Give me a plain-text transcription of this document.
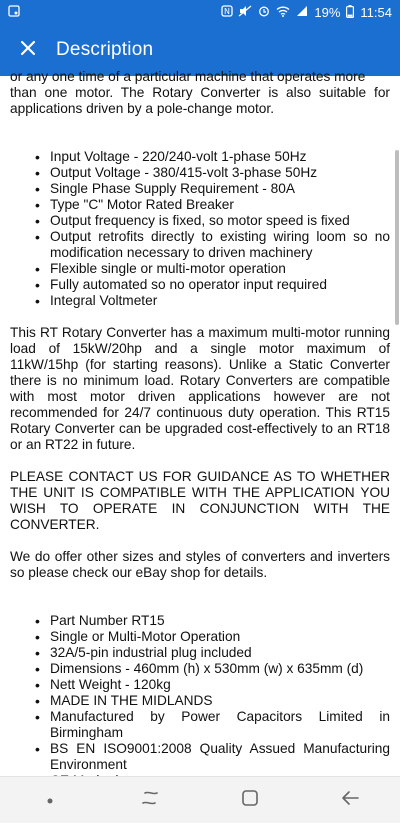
N	19% 11:54
Description
or any one time of a particular machine that operates more
than one motor. The Rotary Converter is also suitable for applications driven by a pole-change motor.
• Input Voltage - 220/240-volt 1-phase 50Hz
• Output Voltage - 380/415-volt 3-phase 50Hz
• Single Phase Supply Requirement - 80A
• Type "C" Motor Rated Breaker
• Output frequency is fixed, so motor speed is fixed
• Output retrofits directly to existing wiring loom so no modification necessary to driven machinery
• Flexible single or multi-motor operation
• Fully automated so no operator input required
• Integral Voltmeter
This RT Rotary Converter has a maximum multi-motor running load of 15kW/20hp and a single motor maximum of 11kW/15hp (for starting reasons). Unlike a Static Converter there is no minimum load. Rotary Converters are compatible with most motor driven applications however are not recommended for 24/7 continuous duty operation. This RT15 Rotary Converter can be upgraded cost-effectively to an RT18 or an RT22 in future.
PLEASE CONTACT US FOR GUIDANCE AS TO WHETHER THE UNIT IS COMPATIBLE WITH THE APPLICATION YOU WISH TO OPERATE IN CONJUNCTION WITH THE CONVERTER.
We do offer other sizes and styles of converters and inverters so please check our eBay shop for details.
• Part Number RT15
• Single or Multi-Motor Operation
• 32A/5-pin industrial plug included
• Dimensions - 460mm (h) x 530mm (w) x 635mm (d)
• Nett Weight - 120kg
• MADE IN THE MIDLANDS
• Manufactured by Power Capacitors Limited in Birmingham
• BS EN ISO9001:2008 Quality Assued Manufacturing Environment
•
•
